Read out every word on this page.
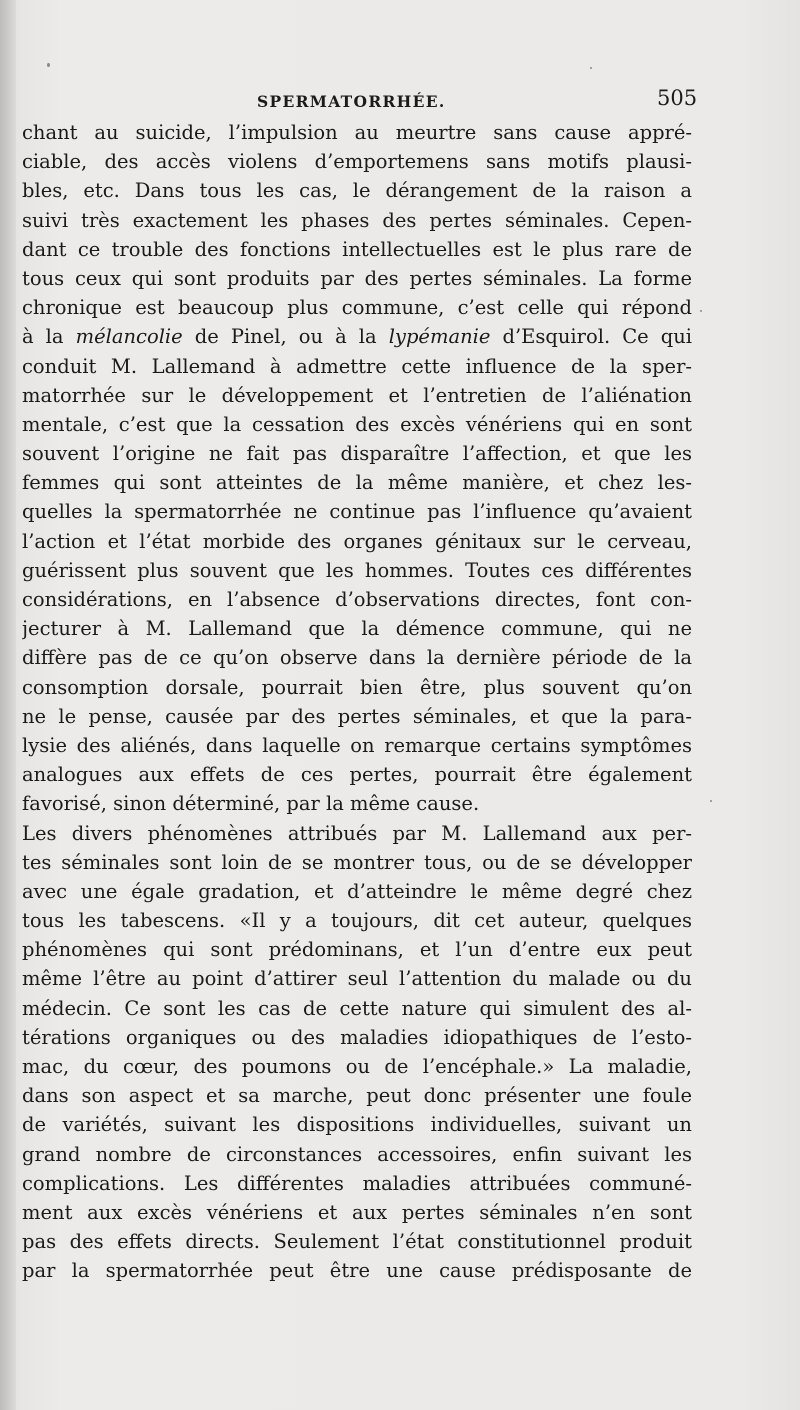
SPERMATORRHÉE.	505
chant au suicide, l’impulsion au meurtre sans cause appré-
ciable, des accès violens d’emportemens sans motifs plausi-
bles, etc. Dans tous les cas, le dérangement de la raison a
suivi très exactement les phases des pertes séminales. Cepen-
dant ce trouble des fonctions intellectuelles est le plus rare de
tous ceux qui sont produits par des pertes séminales. La forme
chronique est beaucoup plus commune, c’est celle qui répond
à la mélancolie de Pinel, ou à la lypémanie d’Esquirol. Ce qui
conduit M. Lallemand à admettre cette influence de la sper-
matorrhée sur le développement et l’entretien de l’aliénation
mentale, c’est que la cessation des excès vénériens qui en sont
souvent l’origine ne fait pas disparaître l’affection, et que les
femmes qui sont atteintes de la même manière, et chez les-
quelles la spermatorrhée ne continue pas l’influence qu’avaient
l’action et l’état morbide des organes génitaux sur le cerveau,
guérissent plus souvent que les hommes. Toutes ces différentes
considérations, en l’absence d’observations directes, font con-
jecturer à M. Lallemand que la démence commune, qui ne
diffère pas de ce qu’on observe dans la dernière période de la
consomption dorsale, pourrait bien être, plus souvent qu’on
ne le pense, causée par des pertes séminales, et que la para-
lysie des aliénés, dans laquelle on remarque certains symptômes
analogues aux effets de ces pertes, pourrait être également
favorisé, sinon déterminé, par la même cause.
Les divers phénomènes attribués par M. Lallemand aux per-
tes séminales sont loin de se montrer tous, ou de se développer
avec une égale gradation, et d’atteindre le même degré chez
tous les tabescens. «Il y a toujours, dit cet auteur, quelques
phénomènes qui sont prédominans, et l’un d’entre eux peut
même l’être au point d’attirer seul l’attention du malade ou du
médecin. Ce sont les cas de cette nature qui simulent des al-
térations organiques ou des maladies idiopathiques de l’esto-
mac, du cœur, des poumons ou de l’encéphale.» La maladie,
dans son aspect et sa marche, peut donc présenter une foule
de variétés, suivant les dispositions individuelles, suivant un
grand nombre de circonstances accessoires, enfin suivant les
complications. Les différentes maladies attribuées communé-
ment aux excès vénériens et aux pertes séminales n’en sont
pas des effets directs. Seulement l’état constitutionnel produit
par la spermatorrhée peut être une cause prédisposante de
